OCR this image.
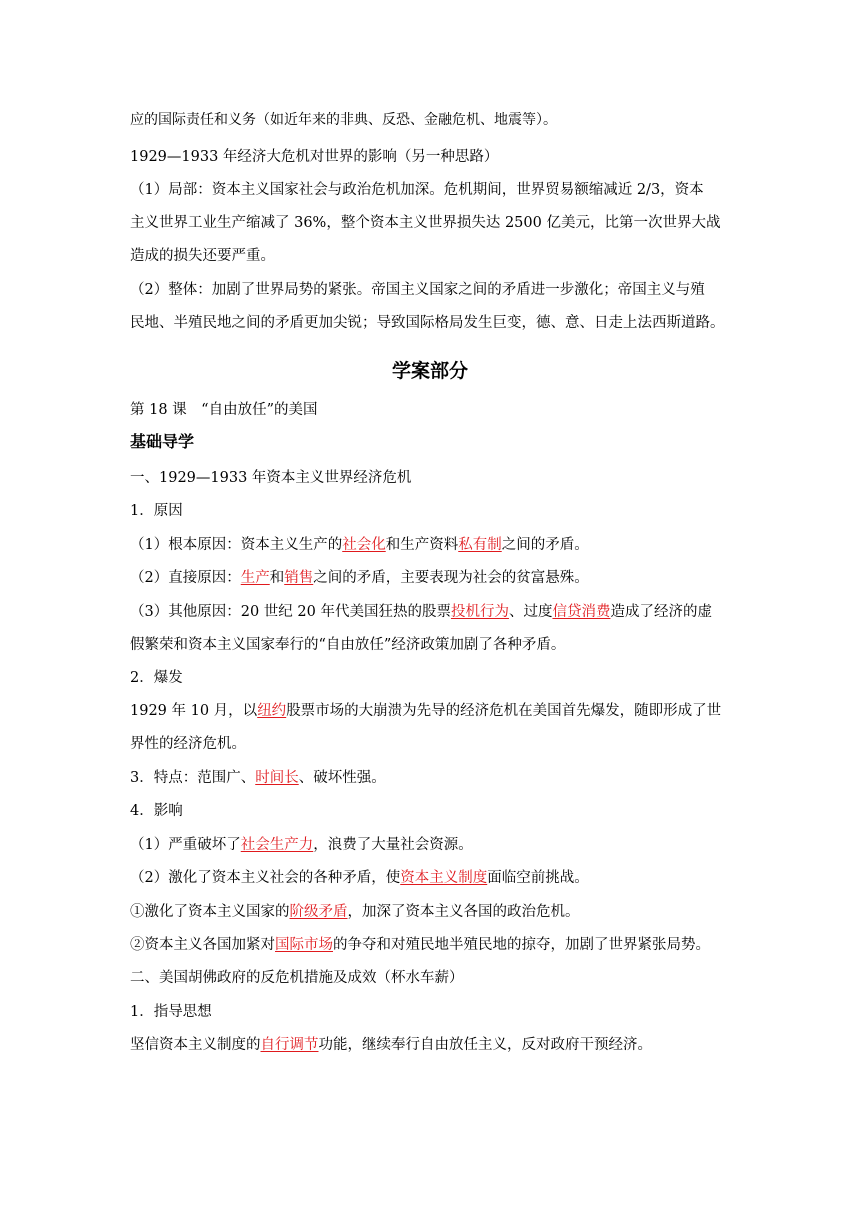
应的国际责任和义务（如近年来的非典、反恐、金融危机、地震等）。
1929—1933 年经济大危机对世界的影响（另一种思路）
（1）局部：资本主义国家社会与政治危机加深。危机期间，世界贸易额缩减近 2/3，资本
主义世界工业生产缩减了 36%，整个资本主义世界损失达 2500 亿美元，比第一次世界大战
造成的损失还要严重。
（2）整体：加剧了世界局势的紧张。帝国主义国家之间的矛盾进一步激化；帝国主义与殖
民地、半殖民地之间的矛盾更加尖锐；导致国际格局发生巨变，德、意、日走上法西斯道路。
学案部分
第 18 课　“自由放任”的美国
基础导学
一、1929—1933 年资本主义世界经济危机
1．原因
（1）根本原因：资本主义生产的社会化和生产资料私有制之间的矛盾。
（2）直接原因：生产和销售之间的矛盾，主要表现为社会的贫富悬殊。
（3）其他原因：20 世纪 20 年代美国狂热的股票投机行为、过度信贷消费造成了经济的虚
假繁荣和资本主义国家奉行的“自由放任”经济政策加剧了各种矛盾。
2．爆发
1929 年 10 月，以纽约股票市场的大崩溃为先导的经济危机在美国首先爆发，随即形成了世
界性的经济危机。
3．特点：范围广、时间长、破坏性强。
4．影响
（1）严重破坏了社会生产力，浪费了大量社会资源。
（2）激化了资本主义社会的各种矛盾，使资本主义制度面临空前挑战。
①激化了资本主义国家的阶级矛盾，加深了资本主义各国的政治危机。
②资本主义各国加紧对国际市场的争夺和对殖民地半殖民地的掠夺，加剧了世界紧张局势。
二、美国胡佛政府的反危机措施及成效（杯水车薪）
1．指导思想
坚信资本主义制度的自行调节功能，继续奉行自由放任主义，反对政府干预经济。
